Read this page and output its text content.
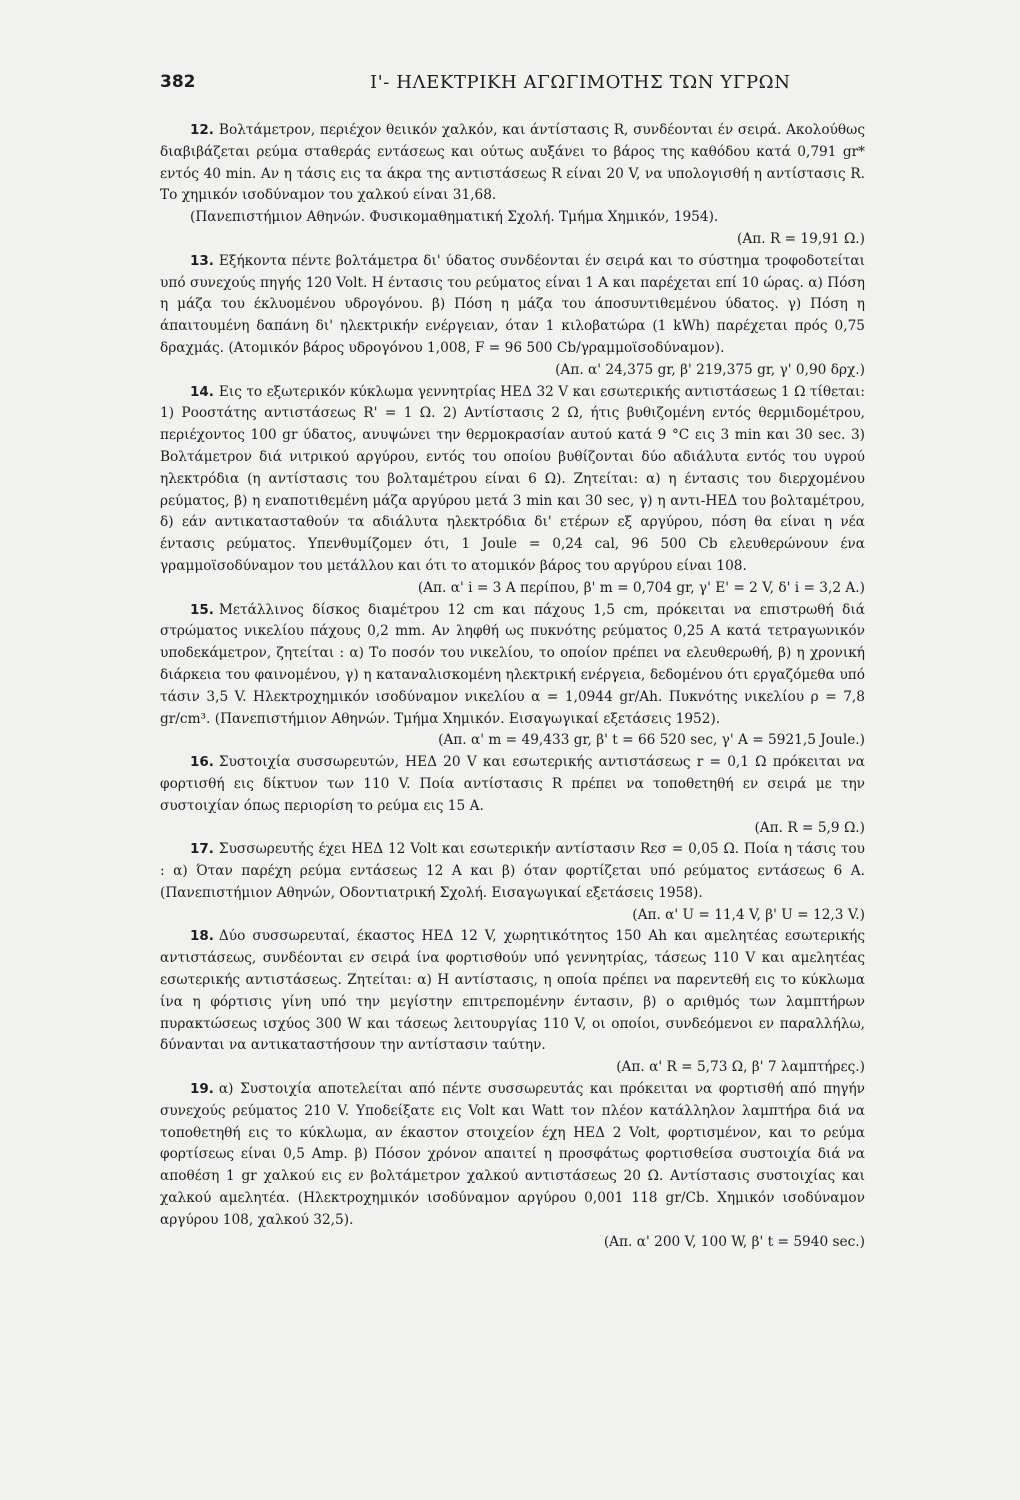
382	Ι'- ΗΛΕΚΤΡΙΚΗ ΑΓΩΓΙΜΟΤΗΣ ΤΩΝ ΥΓΡΩΝ

12. Βολτάμετρον, περιέχον θειικόν χαλκόν, και άντίστασις R, συνδέονται έν σειρά. Ακολούθως διαβιβάζεται ρεύμα σταθεράς εντάσεως και ούτως αυξάνει το βάρος της καθόδου κατά 0,791 gr* εντός 40 min. Αν η τάσις εις τα άκρα της αντιστάσεως R είναι 20 V, να υπολογισθή η αντίστασις R. Το χημικόν ισοδύναμον του χαλκού είναι 31,68.
(Πανεπιστήμιον Αθηνών. Φυσικομαθηματική Σχολή. Τμήμα Χημικόν, 1954).
(Απ. R = 19,91 Ω.)

13. Εξήκοντα πέντε βολτάμετρα δι' ύδατος συνδέονται έν σειρά και το σύστημα τροφοδοτείται υπό συνεχούς πηγής 120 Volt. Η έντασις του ρεύματος είναι 1 A και παρέχεται επί 10 ώρας. α) Πόση η μάζα του έκλυομένου υδρογόνου. β) Πόση η μάζα του άποσυντιθεμένου ύδατος. γ) Πόση η άπαιτουμένη δαπάνη δι' ηλεκτρικήν ενέργειαν, όταν 1 κιλοβατώρα (1 kWh) παρέχεται πρός 0,75 δραχμάς. (Ατομικόν βάρος υδρογόνου 1,008, F = 96 500 Cb/γραμμοϊσοδύναμον).
(Απ. α' 24,375 gr, β' 219,375 gr, γ' 0,90 δρχ.)

14. Εις το εξωτερικόν κύκλωμα γεννητρίας ΗΕΔ 32 V και εσωτερικής αντιστάσεως 1 Ω τίθεται: 1) Ροοστάτης αντιστάσεως R' = 1 Ω. 2) Αντίστασις 2 Ω, ήτις βυθιζομένη εντός θερμιδομέτρου, περιέχοντος 100 gr ύδατος, ανυψώνει την θερμοκρασίαν αυτού κατά 9 °C εις 3 min και 30 sec. 3) Βολτάμετρον διά νιτρικού αργύρου, εντός του οποίου βυθίζονται δύο αδιάλυτα εντός του υγρού ηλεκτρόδια (η αντίστασις του βολταμέτρου είναι 6 Ω). Ζητείται: α) η έντασις του διερχομένου ρεύματος, β) η εναποτιθεμένη μάζα αργύρου μετά 3 min και 30 sec, γ) η αντι-ΗΕΔ του βολταμέτρου, δ) εάν αντικατασταθούν τα αδιάλυτα ηλεκτρόδια δι' ετέρων εξ αργύρου, πόση θα είναι η νέα έντασις ρεύματος. Υπενθυμίζομεν ότι, 1 Joule = 0,24 cal, 96 500 Cb ελευθερώνουν ένα γραμμοϊσοδύναμον του μετάλλου και ότι το ατομικόν βάρος του αργύρου είναι 108.
(Απ. α' i = 3 A περίπου, β' m = 0,704 gr, γ' E' = 2 V, δ' i = 3,2 A.)

15. Μετάλλινος δίσκος διαμέτρου 12 cm και πάχους 1,5 cm, πρόκειται να επιστρωθή διά στρώματος νικελίου πάχους 0,2 mm. Αν ληφθή ως πυκνότης ρεύματος 0,25 A κατά τετραγωνικόν υποδεκάμετρον, ζητείται : α) Το ποσόν του νικελίου, το οποίον πρέπει να ελευθερωθή, β) η χρονική διάρκεια του φαινομένου, γ) η καταναλισκομένη ηλεκτρική ενέργεια, δεδομένου ότι εργαζόμεθα υπό τάσιν 3,5 V. Ηλεκτροχημικόν ισοδύναμον νικελίου α = 1,0944 gr/Ah. Πυκνότης νικελίου ρ = 7,8 gr/cm³. (Πανεπιστήμιον Αθηνών. Τμήμα Χημικόν. Εισαγωγικαί εξετάσεις 1952).
(Απ. α' m = 49,433 gr, β' t = 66 520 sec, γ' A = 5921,5 Joule.)

16. Συστοιχία συσσωρευτών, ΗΕΔ 20 V και εσωτερικής αντιστάσεως r = 0,1 Ω πρόκειται να φορτισθή εις δίκτυον των 110 V. Ποία αντίστασις R πρέπει να τοποθετηθή εν σειρά με την συστοιχίαν όπως περιορίση το ρεύμα εις 15 A.
(Απ. R = 5,9 Ω.)

17. Συσσωρευτής έχει ΗΕΔ 12 Volt και εσωτερικήν αντίστασιν Rεσ = 0,05 Ω. Ποία η τάσις του : α) Όταν παρέχη ρεύμα εντάσεως 12 A και β) όταν φορτίζεται υπό ρεύματος εντάσεως 6 A. (Πανεπιστήμιον Αθηνών, Οδοντιατρική Σχολή. Εισαγωγικαί εξετάσεις 1958).
(Απ. α' U = 11,4 V, β' U = 12,3 V.)

18. Δύο συσσωρευταί, έκαστος ΗΕΔ 12 V, χωρητικότητος 150 Ah και αμελητέας εσωτερικής αντιστάσεως, συνδέονται εν σειρά ίνα φορτισθούν υπό γεννητρίας, τάσεως 110 V και αμελητέας εσωτερικής αντιστάσεως. Ζητείται: α) Η αντίστασις, η οποία πρέπει να παρεντεθή εις το κύκλωμα ίνα η φόρτισις γίνη υπό την μεγίστην επιτρεπομένην έντασιν, β) ο αριθμός των λαμπτήρων πυρακτώσεως ισχύος 300 W και τάσεως λειτουργίας 110 V, οι οποίοι, συνδεόμενοι εν παραλλήλω, δύνανται να αντικαταστήσουν την αντίστασιν ταύτην.
(Απ. α' R = 5,73 Ω, β' 7 λαμπτήρες.)

19. α) Συστοιχία αποτελείται από πέντε συσσωρευτάς και πρόκειται να φορτισθή από πηγήν συνεχούς ρεύματος 210 V. Υποδείξατε εις Volt και Watt τον πλέον κατάλληλον λαμπτήρα διά να τοποθετηθή εις το κύκλωμα, αν έκαστον στοιχείον έχη ΗΕΔ 2 Volt, φορτισμένον, και το ρεύμα φορτίσεως είναι 0,5 Amp. β) Πόσον χρόνον απαιτεί η προσφάτως φορτισθείσα συστοιχία διά να αποθέση 1 gr χαλκού εις εν βολτάμετρον χαλκού αντιστάσεως 20 Ω. Αντίστασις συστοιχίας και χαλκού αμελητέα. (Ηλεκτροχημικόν ισοδύναμον αργύρου 0,001 118 gr/Cb. Χημικόν ισοδύναμον αργύρου 108, χαλκού 32,5).
(Απ. α' 200 V, 100 W, β' t = 5940 sec.)
